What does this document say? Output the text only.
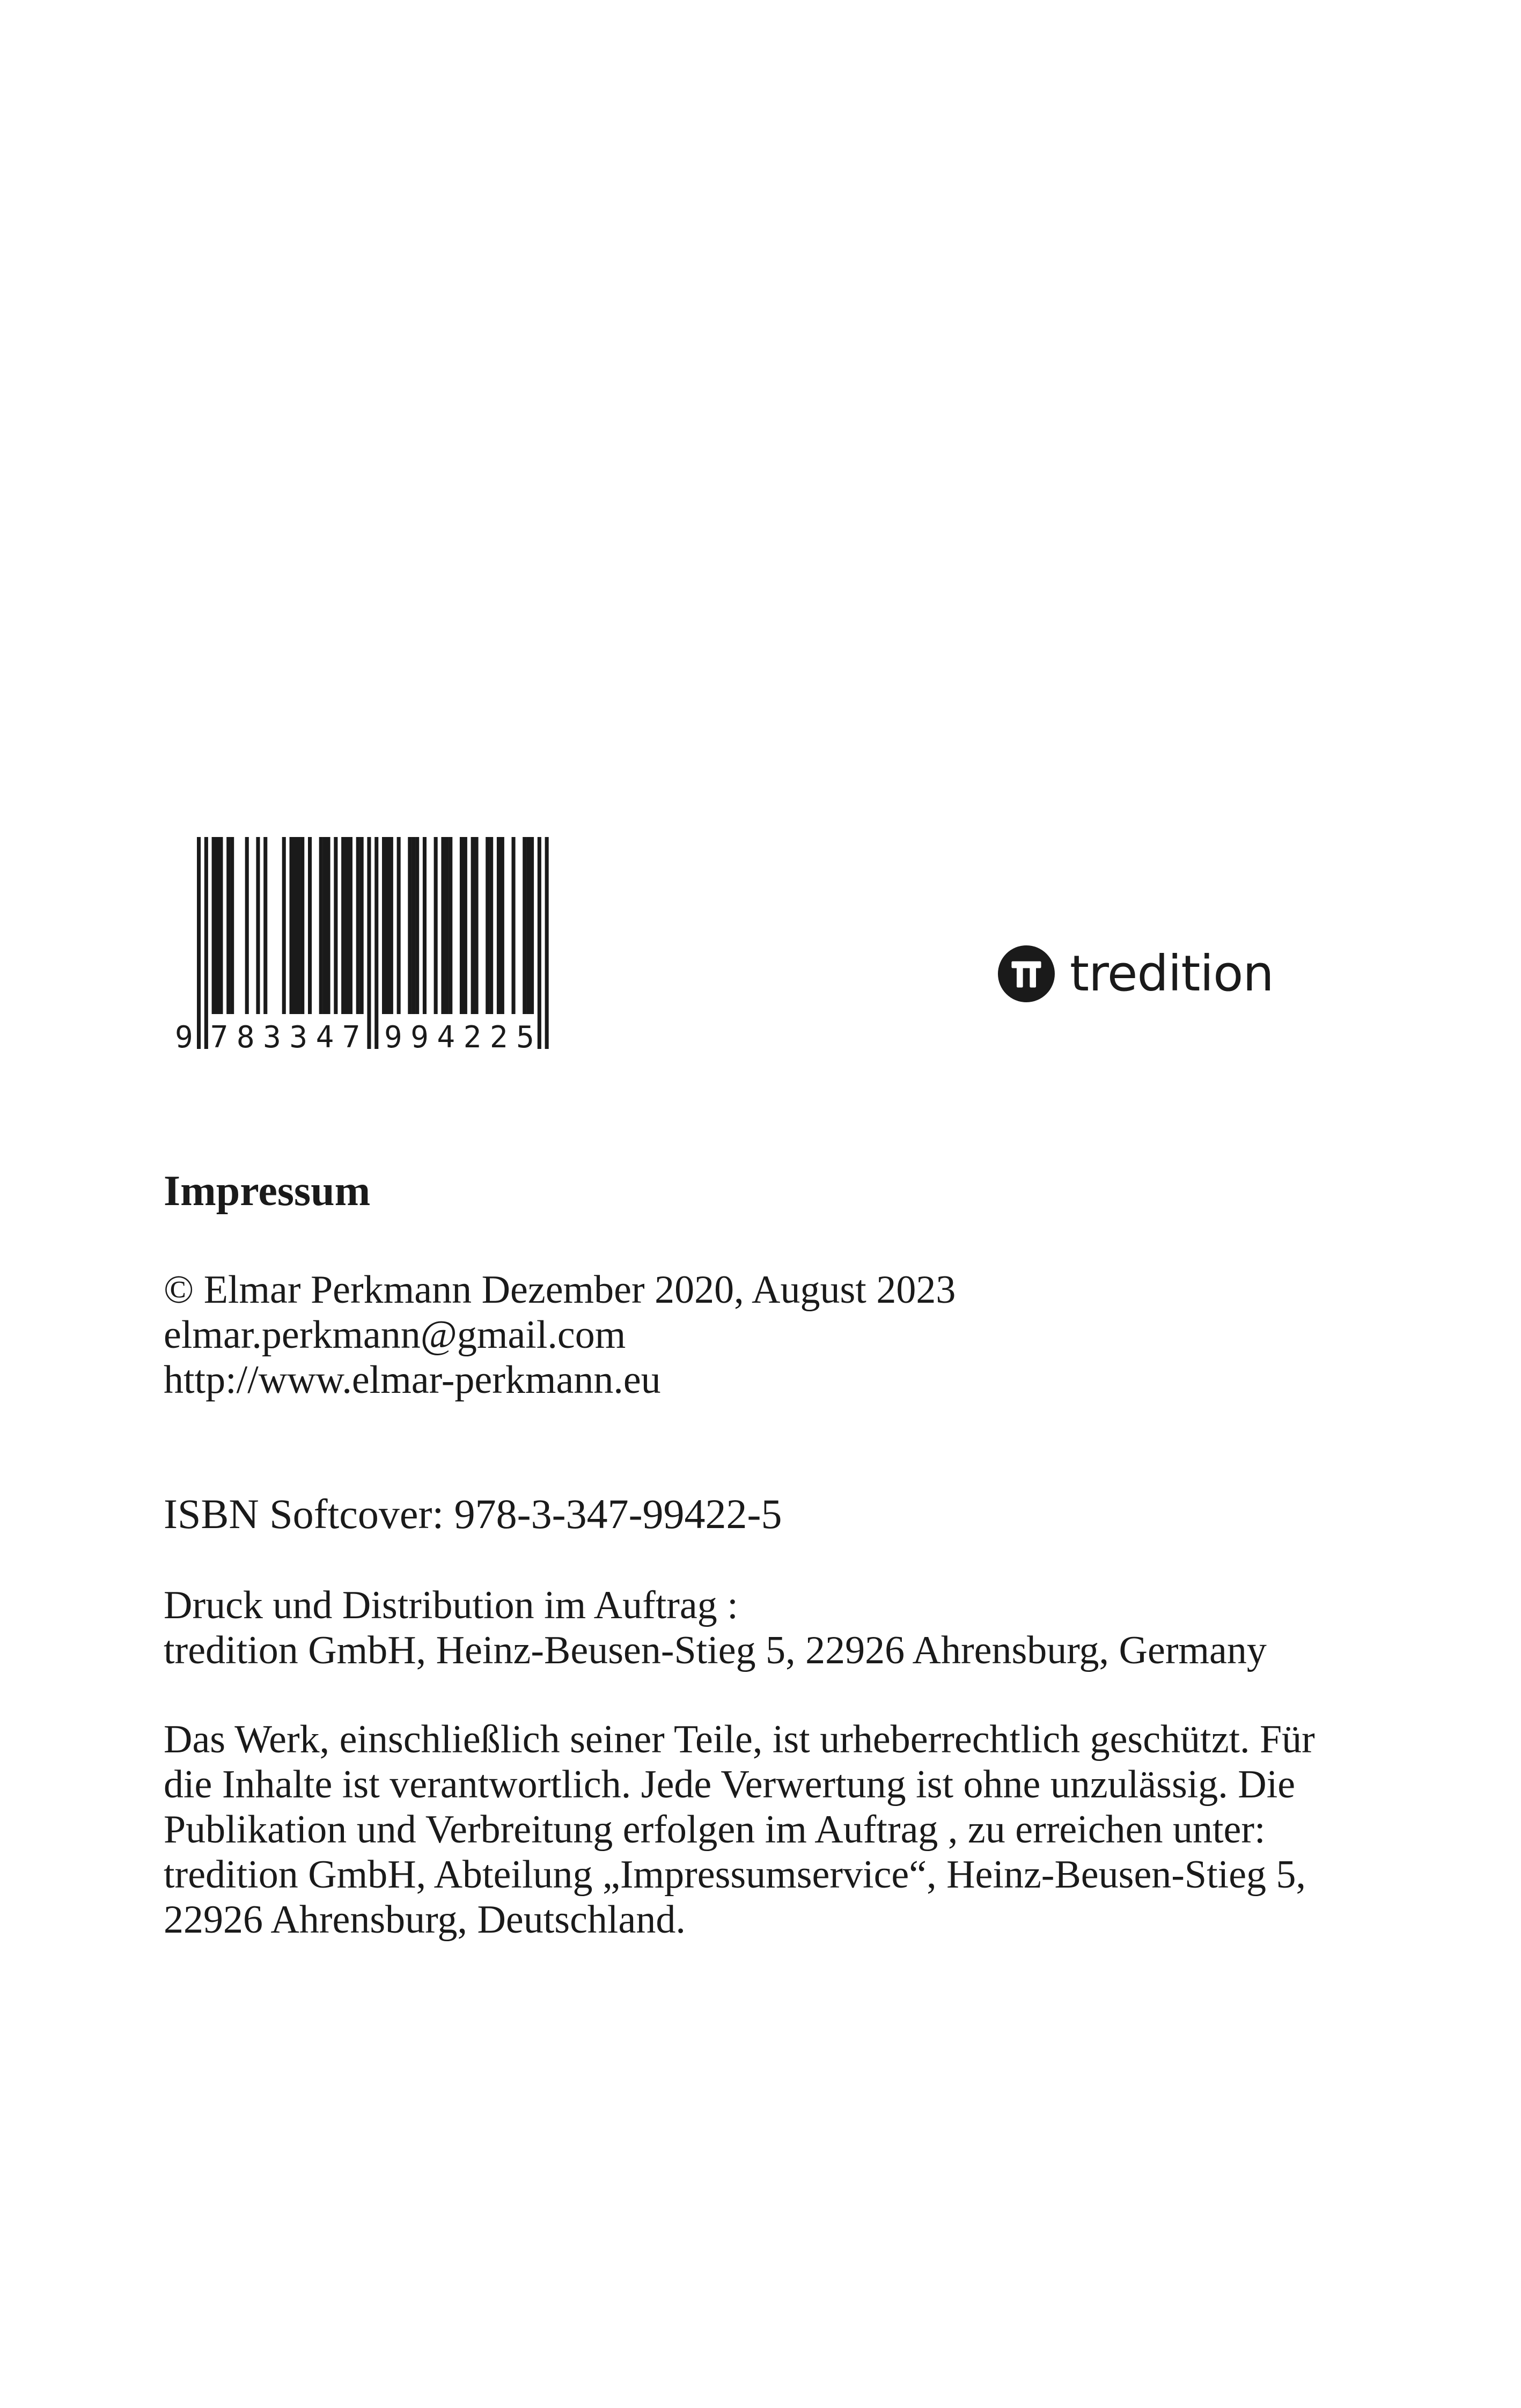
9 783347 994225
tredition

Impressum

© Elmar Perkmann Dezember 2020, August 2023

elmar.perkmann@gmail.com

http://www.elmar-perkmann.eu

ISBN Softcover: 978-3-347-99422-5

Druck und Distribution im Auftrag :

tredition GmbH, Heinz-Beusen-Stieg 5, 22926 Ahrensburg, Germany

Das Werk, einschließlich seiner Teile, ist urheberrechtlich geschützt. Für
die Inhalte ist verantwortlich. Jede Verwertung ist ohne unzulässig. Die
Publikation und Verbreitung erfolgen im Auftrag , zu erreichen unter:
tredition GmbH, Abteilung „Impressumservice“, Heinz-Beusen-Stieg 5,
22926 Ahrensburg, Deutschland.
